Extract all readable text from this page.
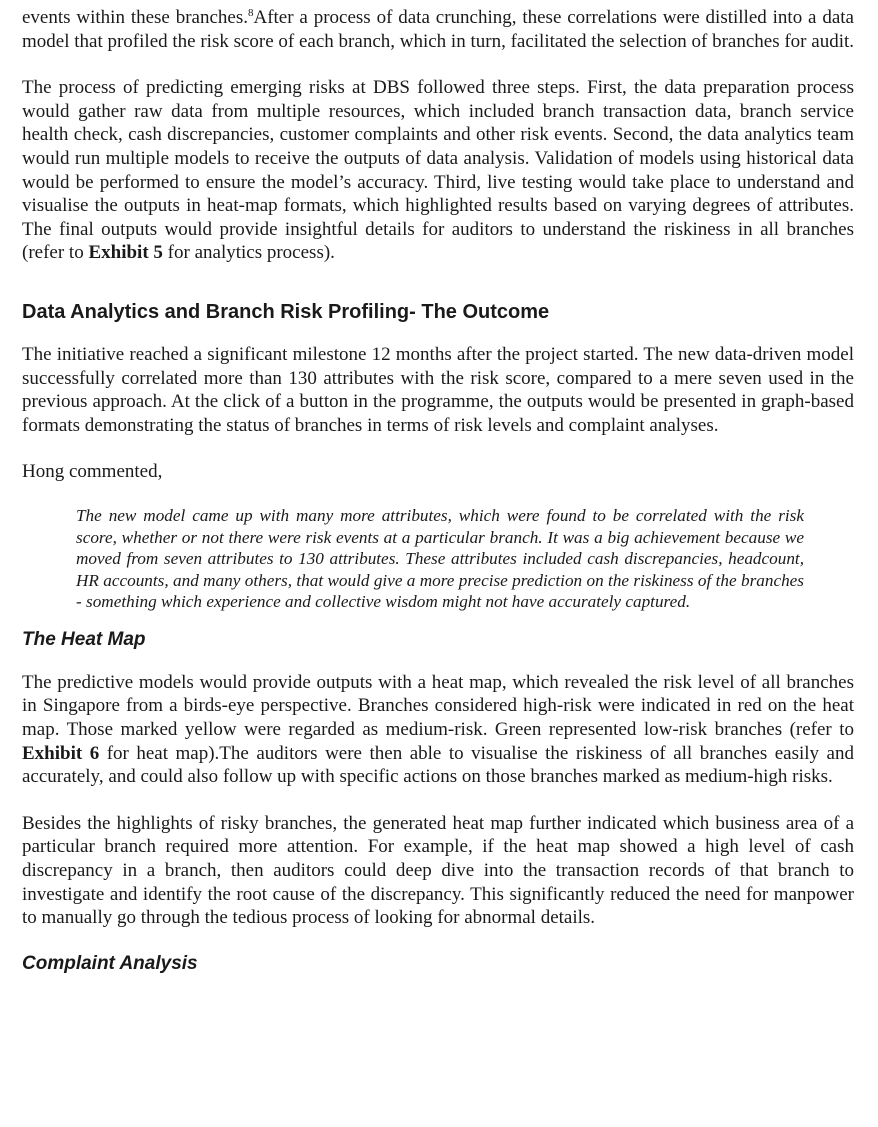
events within these branches.$^8$After a process of data crunching, these correlations were distilled into a data model that profiled the risk score of each branch, which in turn, facilitated the selection of branches for audit.

The process of predicting emerging risks at DBS followed three steps. First, the data preparation process would gather raw data from multiple resources, which included branch transaction data, branch service health check, cash discrepancies, customer complaints and other risk events. Second, the data analytics team would run multiple models to receive the outputs of data analysis. Validation of models using historical data would be performed to ensure the model’s accuracy. Third, live testing would take place to understand and visualise the outputs in heat-map formats, which highlighted results based on varying degrees of attributes. The final outputs would provide insightful details for auditors to understand the riskiness in all branches (refer to Exhibit 5 for analytics process).

Data Analytics and Branch Risk Profiling- The Outcome

The initiative reached a significant milestone 12 months after the project started. The new data-driven model successfully correlated more than 130 attributes with the risk score, compared to a mere seven used in the previous approach. At the click of a button in the programme, the outputs would be presented in graph-based formats demonstrating the status of branches in terms of risk levels and complaint analyses.

Hong commented,

The new model came up with many more attributes, which were found to be correlated with the risk score, whether or not there were risk events at a particular branch. It was a big achievement because we moved from seven attributes to 130 attributes. These attributes included cash discrepancies, headcount, HR accounts, and many others, that would give a more precise prediction on the riskiness of the branches - something which experience and collective wisdom might not have accurately captured.

The Heat Map

The predictive models would provide outputs with a heat map, which revealed the risk level of all branches in Singapore from a birds-eye perspective. Branches considered high-risk were indicated in red on the heat map. Those marked yellow were regarded as medium-risk. Green represented low-risk branches (refer to Exhibit 6 for heat map).The auditors were then able to visualise the riskiness of all branches easily and accurately, and could also follow up with specific actions on those branches marked as medium-high risks.

Besides the highlights of risky branches, the generated heat map further indicated which business area of a particular branch required more attention. For example, if the heat map showed a high level of cash discrepancy in a branch, then auditors could deep dive into the transaction records of that branch to investigate and identify the root cause of the discrepancy. This significantly reduced the need for manpower to manually go through the tedious process of looking for abnormal details.

Complaint Analysis
